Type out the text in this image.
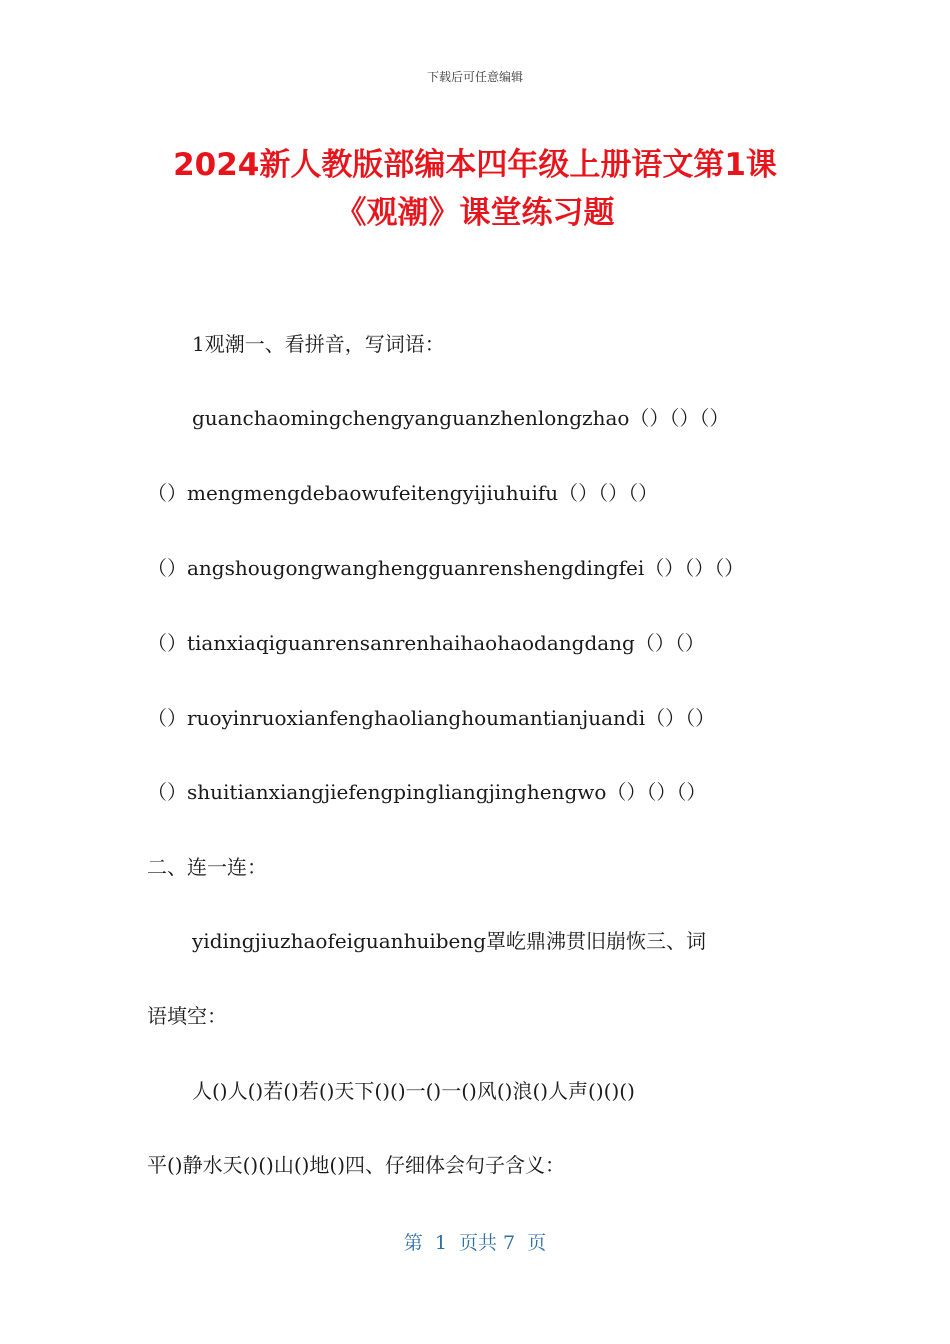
下载后可任意编辑
2024新人教版部编本四年级上册语文第1课
《观潮》课堂练习题
1观潮一、看拼音，写词语：
guanchaomingchengyanguanzhenlongzhao（）（）（）
（）mengmengdebaowufeitengyijiuhuifu（）（）（）
（）angshougongwanghengguanrenshengdingfei（）（）（）
（）tianxiaqiguanrensanrenhaihaohaodangdang（）（）
（）ruoyinruoxianfenghaolianghoumantianjuandi（）（）
（）shuitianxiangjiefengpingliangjinghengwo（）（）（）
二、连一连：
yidingjiuzhaofeiguanhuibeng罩屹鼎沸贯旧崩恢三、词
语填空：
人()人()若()若()天下()()一()一()风()浪()人声()()()
平()静水天()()山()地()四、仔细体会句子含义：
第  1  页共 7  页
